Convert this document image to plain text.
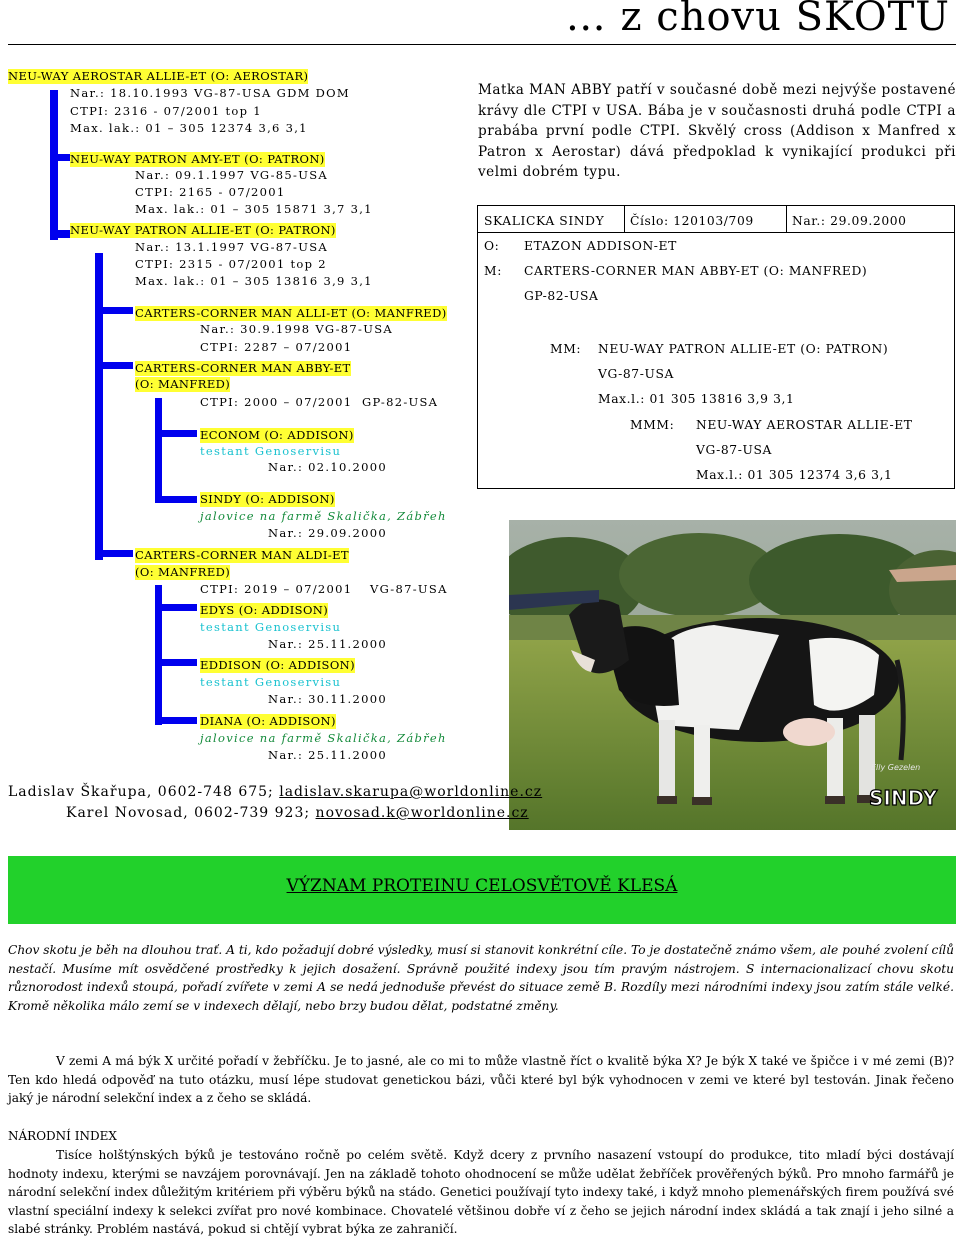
… z chovu SKOTU
NEU-WAY AEROSTAR ALLIE-ET (O: AEROSTAR)
Nar.: 18.10.1993 VG-87-USA GDM DOM
CTPI: 2316 - 07/2001 top 1
Max. lak.: 01 – 305 12374 3,6 3,1
NEU-WAY PATRON AMY-ET (O: PATRON)
Nar.: 09.1.1997 VG-85-USA
CTPI: 2165 - 07/2001
Max. lak.: 01 – 305 15871 3,7 3,1
NEU-WAY PATRON ALLIE-ET (O: PATRON)
Nar.: 13.1.1997 VG-87-USA
CTPI: 2315 - 07/2001 top 2
Max. lak.: 01 – 305 13816 3,9 3,1
CARTERS-CORNER MAN ALLI-ET (O: MANFRED)
Nar.: 30.9.1998 VG-87-USA
CTPI: 2287 – 07/2001
CARTERS-CORNER MAN ABBY-ET
(O: MANFRED)
CTPI: 2000 – 07/2001 GP-82-USA
ECONOM (O: ADDISON)
testant Genoservisu
Nar.: 02.10.2000
SINDY (O: ADDISON)
jalovice na farmě Skalička, Zábřeh
Nar.: 29.09.2000
CARTERS-CORNER MAN ALDI-ET
(O: MANFRED)
CTPI: 2019 – 07/2001 VG-87-USA
EDYS (O: ADDISON)
testant Genoservisu
Nar.: 25.11.2000
EDDISON (O: ADDISON)
testant Genoservisu
Nar.: 30.11.2000
DIANA (O: ADDISON)
jalovice na farmě Skalička, Zábřeh
Nar.: 25.11.2000
Matka MAN ABBY patří v současné době mezi nejvýše postavené krávy dle CTPI v USA. Bába je v současnosti druhá podle CTPI a prabába první podle CTPI. Skvělý cross (Addison x Manfred x Patron x Aerostar) dává předpoklad k vynikající produkci při velmi dobrém typu.
SKALICKA SINDY Číslo: 120103/709	Nar.: 29.09.2000
O: ETAZON ADDISON-ET
M: CARTERS-CORNER MAN ABBY-ET (O: MANFRED)
GP-82-USA
MM: NEU-WAY PATRON ALLIE-ET (O: PATRON)
VG-87-USA
Max.l.: 01 305 13816 3,9 3,1
MMM: NEU-WAY AEROSTAR ALLIE-ET
VG-87-USA
Max.l.: 01 305 12374 3,6 3,1
Elly Gezelen
SINDY
Ladislav Škařupa, 0602-748 675; ladislav.skarupa@worldonline.cz
Karel Novosad, 0602-739 923; novosad.k@worldonline.cz
VÝZNAM PROTEINU CELOSVĚTOVĚ KLESÁ
Chov skotu je běh na dlouhou trať. A ti, kdo požadují dobré výsledky, musí si stanovit konkrétní cíle. To je dostatečně známo všem, ale pouhé zvolení cílů nestačí. Musíme mít osvědčené prostředky k jejich dosažení. Správně použité indexy jsou tím pravým nástrojem. S internacionalizací chovu skotu různorodost indexů stoupá, pořadí zvířete v zemi A se nedá jednoduše převést do situace země B. Rozdíly mezi národními indexy jsou zatím stále velké. Kromě několika málo zemí se v indexech dělají, nebo brzy budou dělat, podstatné změny.
V zemi A má býk X určité pořadí v žebříčku. Je to jasné, ale co mi to může vlastně říct o kvalitě býka X? Je býk X také ve špičce i v mé zemi (B)? Ten kdo hledá odpověď na tuto otázku, musí lépe studovat genetickou bázi, vůči které byl býk vyhodnocen v zemi ve které byl testován. Jinak řečeno jaký je národní selekční index a z čeho se skládá.
NÁRODNÍ INDEX
Tisíce holštýnských býků je testováno ročně po celém světě. Když dcery z prvního nasazení vstoupí do produkce, tito mladí býci dostávají hodnoty indexu, kterými se navzájem porovnávají. Jen na základě tohoto ohodnocení se může udělat žebříček prověřených býků. Pro mnoho farmářů je národní selekční index důležitým kritériem při výběru býků na stádo. Genetici používají tyto indexy také, i když mnoho plemenářských firem používá své vlastní speciální indexy k selekci zvířat pro nové kombinace. Chovatelé většinou dobře ví z čeho se jejich národní index skládá a tak znají i jeho silné a slabé stránky. Problém nastává, pokud si chtějí vybrat býka ze zahraničí.
